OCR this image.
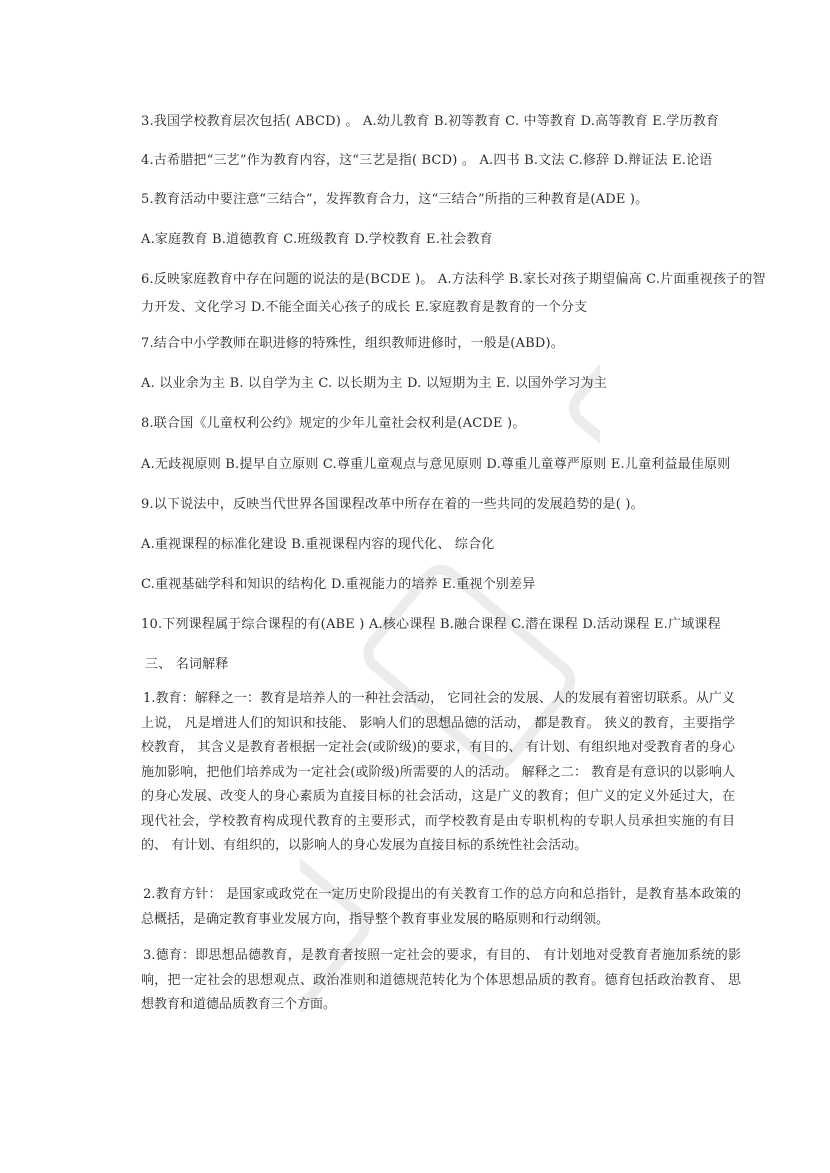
3.我国学校教育层次包括( ABCD) 。 A.幼儿教育 B.初等教育 C. 中等教育 D.高等教育 E.学历教育
4.古希腊把“三艺”作为教育内容，这“三艺是指( BCD) 。 A.四书 B.文法 C.修辞 D.辩证法 E.论语
5.教育活动中要注意“三结合”，发挥教育合力，这“三结合”所指的三种教育是(ADE )。
A.家庭教育 B.道德教育 C.班级教育 D.学校教育 E.社会教育
6.反映家庭教育中存在问题的说法的是(BCDE )。 A.方法科学 B.家长对孩子期望偏高 C.片面重视孩子的智
力开发、文化学习 D.不能全面关心孩子的成长 E.家庭教育是教育的一个分支
7.结合中小学教师在职进修的特殊性，组织教师进修时，一般是(ABD)。
A. 以业余为主 B. 以自学为主 C. 以长期为主 D. 以短期为主 E. 以国外学习为主
8.联合国《儿童权利公约》规定的少年儿童社会权利是(ACDE )。
A.无歧视原则 B.提早自立原则 C.尊重儿童观点与意见原则 D.尊重儿童尊严原则 E.儿童利益最佳原则
9.以下说法中，反映当代世界各国课程改革中所存在着的一些共同的发展趋势的是( )。
A.重视课程的标准化建设 B.重视课程内容的现代化、 综合化
C.重视基础学科和知识的结构化 D.重视能力的培养 E.重视个别差异
10.下列课程属于综合课程的有(ABE ) A.核心课程 B.融合课程 C.潜在课程 D.活动课程 E.广域课程
三、 名词解释
1.教育：解释之一：教育是培养人的一种社会活动， 它同社会的发展、人的发展有着密切联系。从广义上说， 凡是增进人们的知识和技能、 影响人们的思想品德的活动， 都是教育。 狭义的教育，主要指学校教育， 其含义是教育者根据一定社会(或阶级)的要求，有目的、 有计划、有组织地对受教育者的身心施加影响，把他们培养成为一定社会(或阶级)所需要的人的活动。 解释之二： 教育是有意识的以影响人的身心发展、改变人的身心素质为直接目标的社会活动，这是广义的教育；但广义的定义外延过大，在现代社会，学校教育构成现代教育的主要形式，而学校教育是由专职机构的专职人员承担实施的有目的、 有计划、有组织的，以影响人的身心发展为直接目标的系统性社会活动。
2.教育方针： 是国家或政党在一定历史阶段提出的有关教育工作的总方向和总指针，是教育基本政策的总概括，是确定教育事业发展方向，指导整个教育事业发展的略原则和行动纲领。
3.德育：即思想品德教育，是教育者按照一定社会的要求，有目的、 有计划地对受教育者施加系统的影响，把一定社会的思想观点、政治准则和道德规范转化为个体思想品质的教育。德育包括政治教育、 思想教育和道德品质教育三个方面。
